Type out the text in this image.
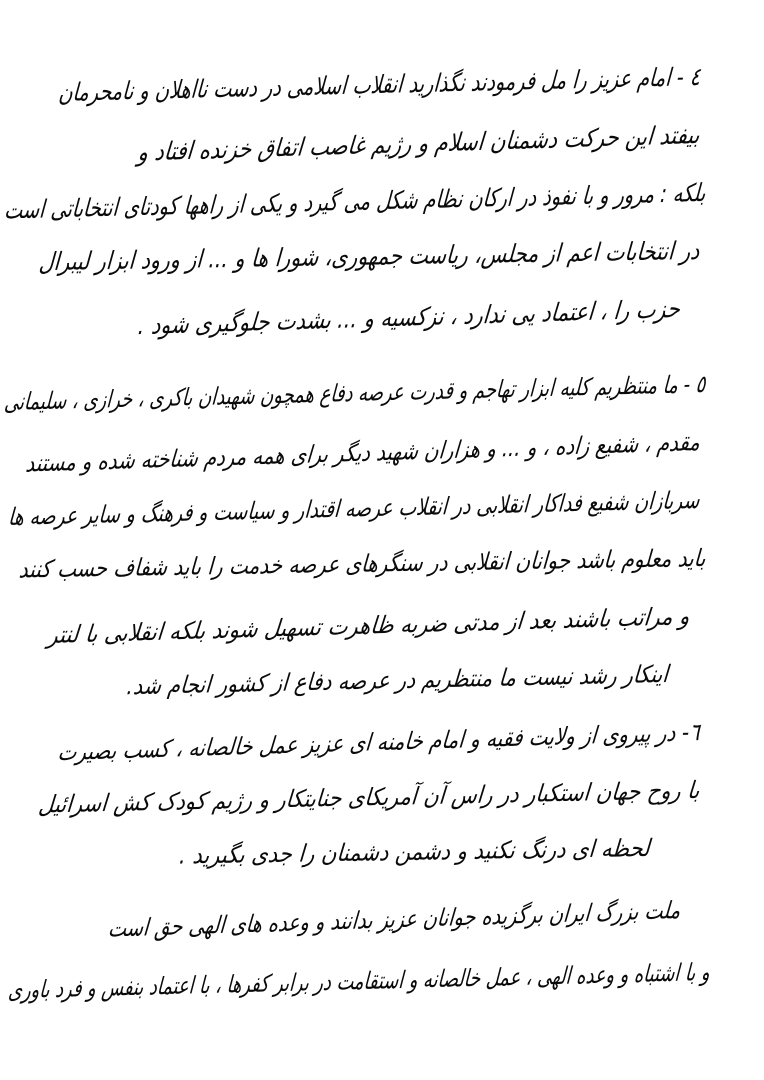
٤ - امام عزیز را مل فرمودند نگذارید انقلاب اسلامی در دست نااهلان و نامحرمان
بیفتد این حرکت دشمنان اسلام و رژیم غاصب اتفاق خزنده افتاد و
بلکه : مرور و با نفوذ در ارکان نظام شکل می گیرد و یکی از راهها کودتای انتخاباتی است
در انتخابات اعم از مجلس، ریاست جمهوری، شورا ها و ... از ورود ابزار لیبرال
حزب را ، اعتماد یی ندارد ، نزکسیه و ... بشدت جلوگیری شود .
٥ - ما منتظریم کلیه ابزار تهاجم و قدرت عرصه دفاع همچون شهیدان باکری ، خرازی ، سلیمانی
مقدم ، شفیع زاده ، و ... و هزاران شهید دیگر برای همه مردم شناخته شده و مستند
سربازان شفیع فداکار انقلابی در انقلاب عرصه اقتدار و سیاست و فرهنگ و سایر عرصه ها
باید معلوم باشد جوانان انقلابی در سنگرهای عرصه خدمت را باید شفاف حسب کنند
و مراتب باشند بعد از مدتی ضربه ظاهرت تسهیل شوند بلکه انقلابی با لنتر
اینکار رشد نیست ما منتظریم در عرصه دفاع از کشور انجام شد.
٦- در پیروی از ولایت فقیه و امام خامنه ای عزیز عمل خالصانه ، کسب بصیرت
با روح جهان استکبار در راس آن آمریکای جنایتکار و رژیم کودک کش اسرائیل
لحظه ای درنگ نکنید و دشمن دشمنان را جدی بگیرید .
ملت بزرگ ایران برگزیده جوانان عزیز بدانند و وعده های الهی حق است
و با اشتباه و وعده الهی ، عمل خالصانه و استقامت در برابر کفرها ، با اعتماد بنفس و فرد باوری
